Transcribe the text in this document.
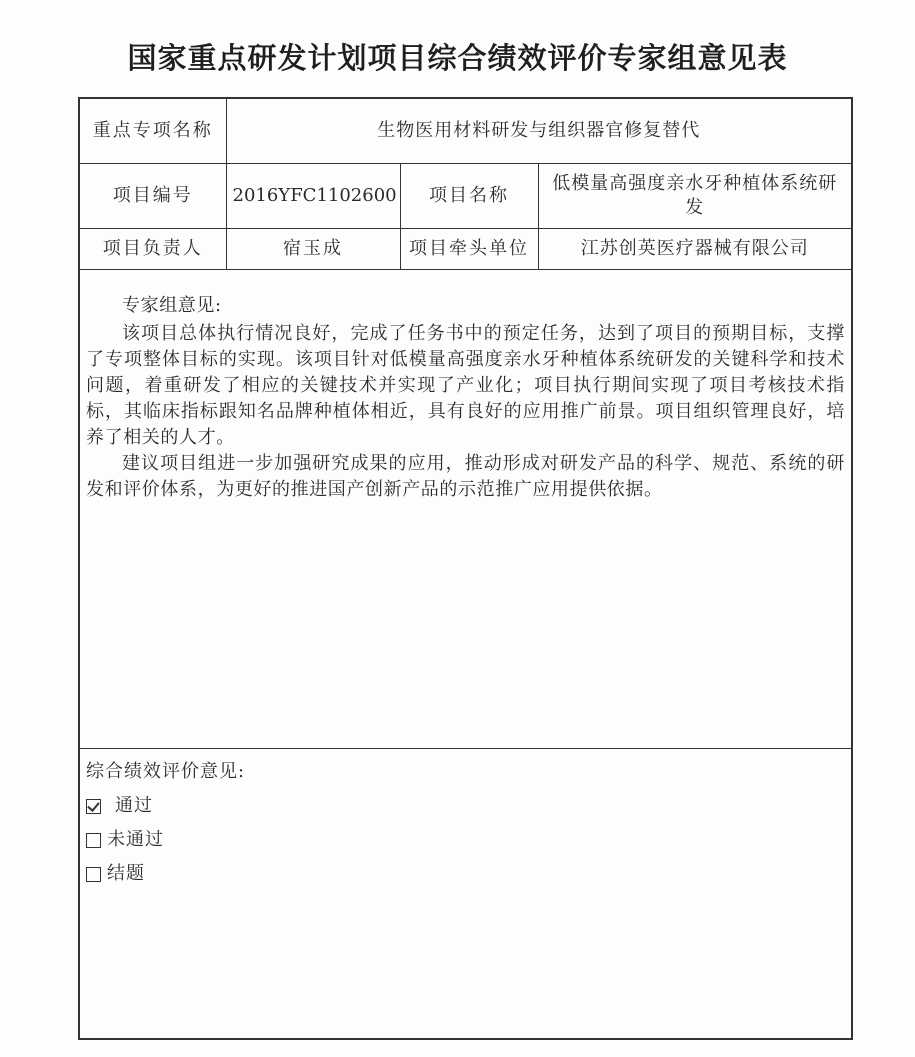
国家重点研发计划项目综合绩效评价专家组意见表
重点专项名称	生物医用材料研发与组织器官修复替代		
项目编号	2016YFC1102600	项目名称	低模量高强度亲水牙种植体系统研发
项目负责人	宿玉成	项目牵头单位	江苏创英医疗器械有限公司

专家组意见:

该项目总体执行情况良好，完成了任务书中的预定任务，达到了项目的预期目标，支撑了专项整体目标的实现。该项目针对低模量高强度亲水牙种植体系统研发的关键科学和技术问题，着重研发了相应的关键技术并实现了产业化；项目执行期间实现了项目考核技术指标，其临床指标跟知名品牌种植体相近，具有良好的应用推广前景。项目组织管理良好，培养了相关的人才。

建议项目组进一步加强研究成果的应用，推动形成对研发产品的科学、规范、系统的研发和评价体系，为更好的推进国产创新产品的示范推广应用提供依据。

综合绩效评价意见:
通过
未通过
结题
